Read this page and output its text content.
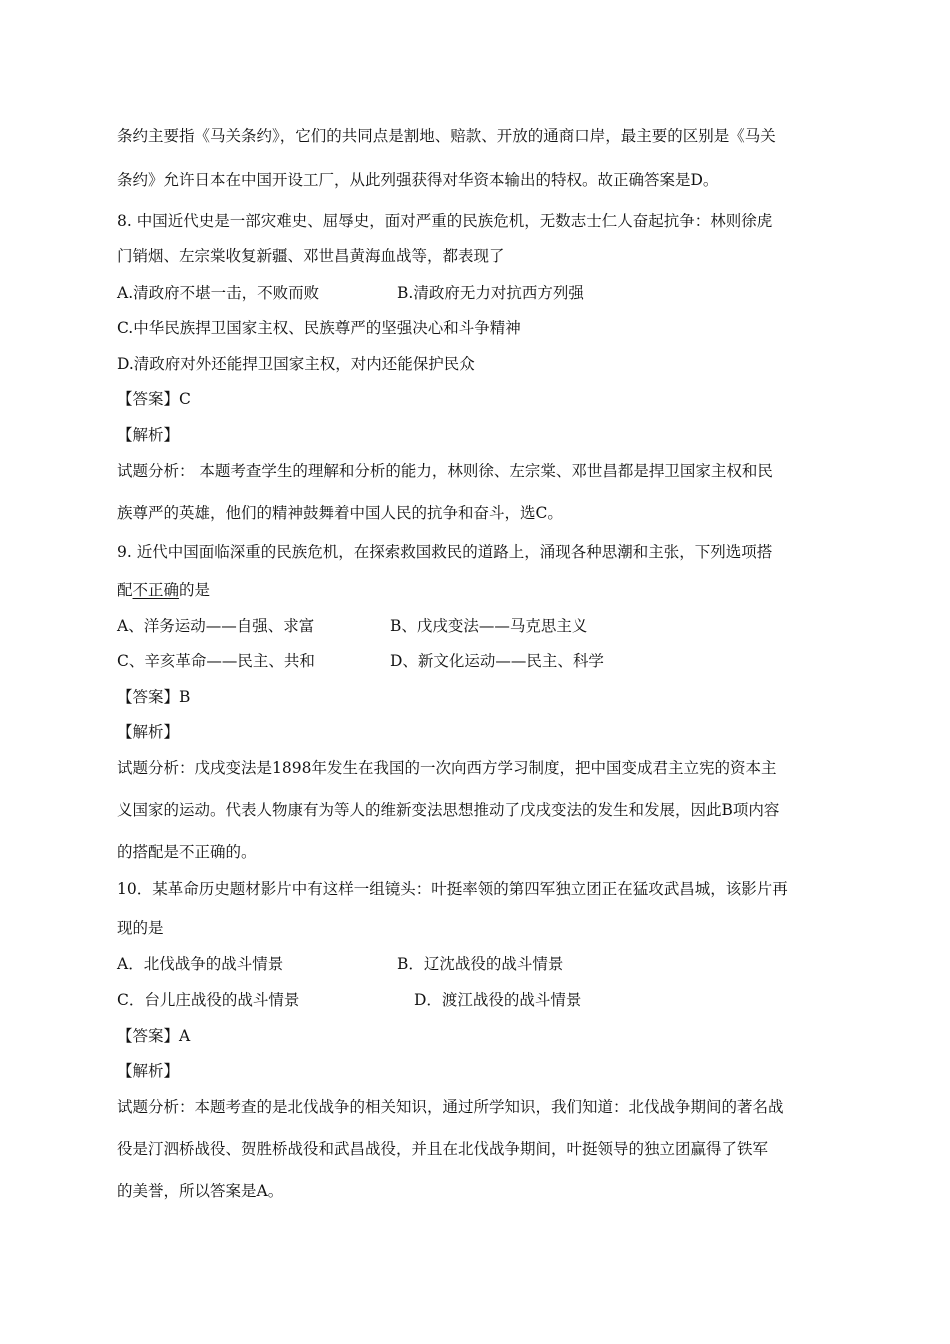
条约主要指《马关条约》，它们的共同点是割地、赔款、开放的通商口岸，最主要的区别是《马关

条约》允许日本在中国开设工厂，从此列强获得对华资本输出的特权。故正确答案是D。

8. 中国近代史是一部灾难史、屈辱史，面对严重的民族危机，无数志士仁人奋起抗争：林则徐虎

门销烟、左宗棠收复新疆、邓世昌黄海血战等，都表现了

A.清政府不堪一击，不败而败	B.清政府无力对抗西方列强

C.中华民族捍卫国家主权、民族尊严的坚强决心和斗争精神

D.清政府对外还能捍卫国家主权，对内还能保护民众

【答案】C

【解析】

试题分析： 本题考查学生的理解和分析的能力，林则徐、左宗棠、邓世昌都是捍卫国家主权和民

族尊严的英雄，他们的精神鼓舞着中国人民的抗争和奋斗，选C。

9. 近代中国面临深重的民族危机，在探索救国救民的道路上，涌现各种思潮和主张，下列选项搭

配不正确的是

A、洋务运动——自强、求富	B、戊戌变法——马克思主义

C、辛亥革命——民主、共和	D、新文化运动——民主、科学

【答案】B

【解析】

试题分析：戊戌变法是1898年发生在我国的一次向西方学习制度，把中国变成君主立宪的资本主

义国家的运动。代表人物康有为等人的维新变法思想推动了戊戌变法的发生和发展，因此B项内容

的搭配是不正确的。

10．某革命历史题材影片中有这样一组镜头：叶挺率领的第四军独立团正在猛攻武昌城，该影片再

现的是

A．北伐战争的战斗情景	B．辽沈战役的战斗情景

C．台儿庄战役的战斗情景	D．渡江战役的战斗情景

【答案】A

【解析】

试题分析：本题考查的是北伐战争的相关知识，通过所学知识，我们知道：北伐战争期间的著名战

役是汀泗桥战役、贺胜桥战役和武昌战役，并且在北伐战争期间，叶挺领导的独立团赢得了铁军

的美誉，所以答案是A。
